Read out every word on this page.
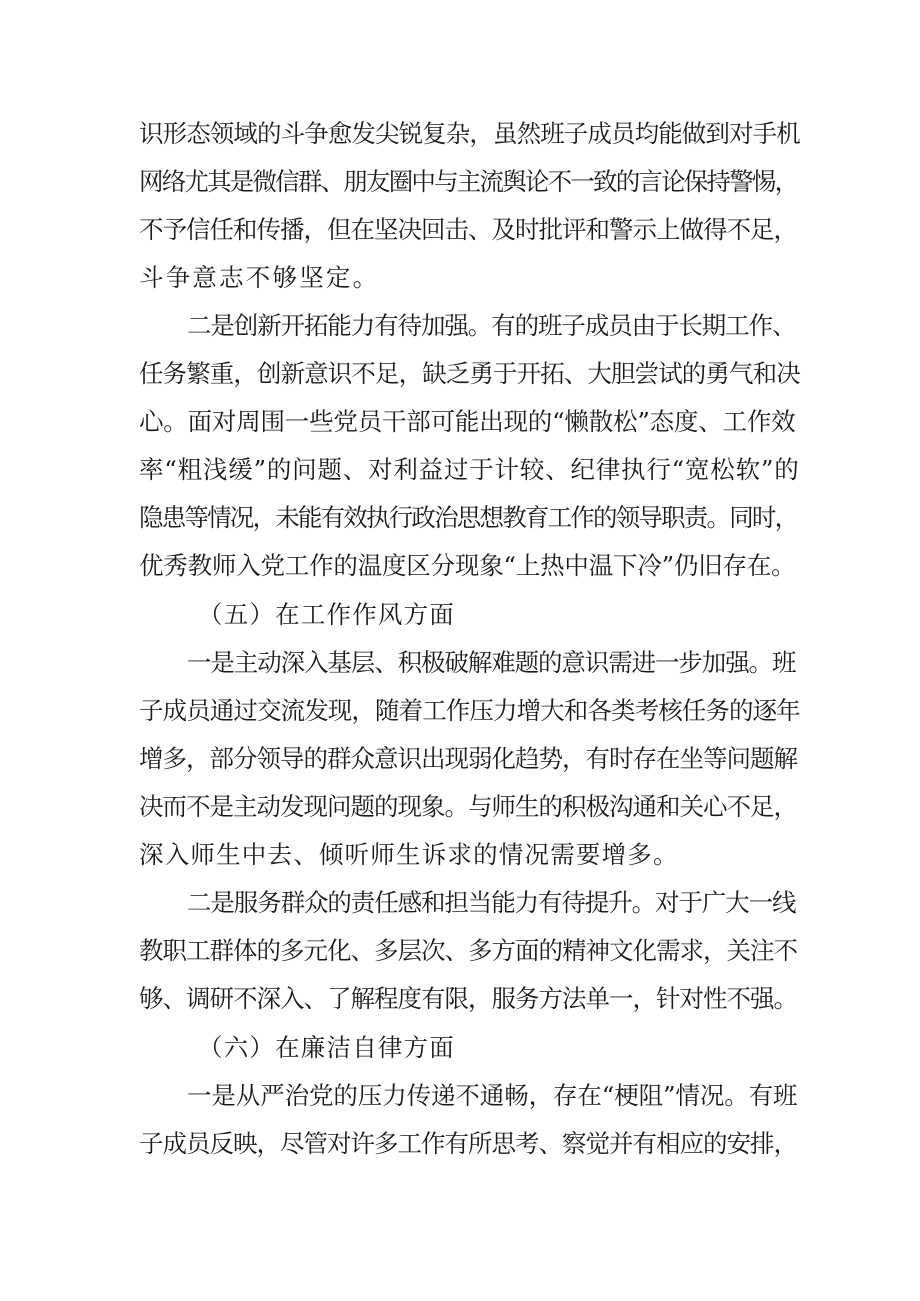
识形态领域的斗争愈发尖锐复杂，虽然班子成员均能做到对手机
网络尤其是微信群、朋友圈中与主流舆论不一致的言论保持警惕，
不予信任和传播，但在坚决回击、及时批评和警示上做得不足，
斗争意志不够坚定。
二是创新开拓能力有待加强。有的班子成员由于长期工作、
任务繁重，创新意识不足，缺乏勇于开拓、大胆尝试的勇气和决
心。面对周围一些党员干部可能出现的“懒散松”态度、工作效
率“粗浅缓”的问题、对利益过于计较、纪律执行“宽松软”的
隐患等情况，未能有效执行政治思想教育工作的领导职责。同时，
优秀教师入党工作的温度区分现象“上热中温下冷”仍旧存在。
（五）在工作作风方面
一是主动深入基层、积极破解难题的意识需进一步加强。班
子成员通过交流发现，随着工作压力增大和各类考核任务的逐年
增多，部分领导的群众意识出现弱化趋势，有时存在坐等问题解
决而不是主动发现问题的现象。与师生的积极沟通和关心不足，
深入师生中去、倾听师生诉求的情况需要增多。
二是服务群众的责任感和担当能力有待提升。对于广大一线
教职工群体的多元化、多层次、多方面的精神文化需求，关注不
够、调研不深入、了解程度有限，服务方法单一，针对性不强。
（六）在廉洁自律方面
一是从严治党的压力传递不通畅，存在“梗阻”情况。有班
子成员反映，尽管对许多工作有所思考、察觉并有相应的安排，
